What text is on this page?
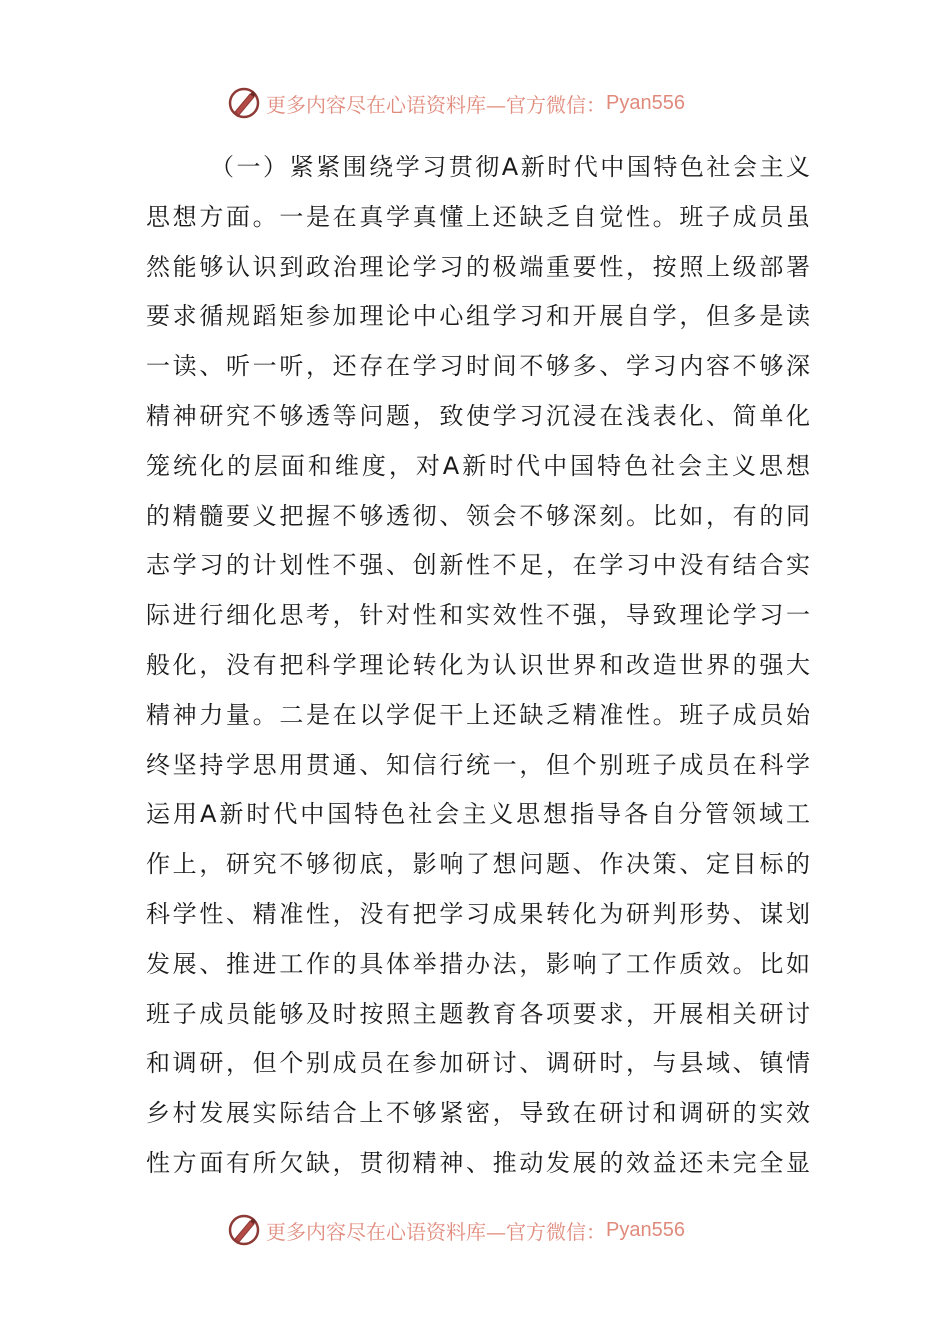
更多内容尽在心语资料库—官方微信： Pyan556
（一）紧紧围绕学习贯彻A新时代中国特色社会主义
思想方面。一是在真学真懂上还缺乏自觉性。班子成员虽
然能够认识到政治理论学习的极端重要性，按照上级部署
要求循规蹈矩参加理论中心组学习和开展自学，但多是读
一读、听一听，还存在学习时间不够多、学习内容不够深
精神研究不够透等问题，致使学习沉浸在浅表化、简单化
笼统化的层面和维度，对A新时代中国特色社会主义思想
的精髓要义把握不够透彻、领会不够深刻。比如，有的同
志学习的计划性不强、创新性不足，在学习中没有结合实
际进行细化思考，针对性和实效性不强，导致理论学习一
般化，没有把科学理论转化为认识世界和改造世界的强大
精神力量。二是在以学促干上还缺乏精准性。班子成员始
终坚持学思用贯通、知信行统一，但个别班子成员在科学
运用A新时代中国特色社会主义思想指导各自分管领域工
作上，研究不够彻底，影响了想问题、作决策、定目标的
科学性、精准性，没有把学习成果转化为研判形势、谋划
发展、推进工作的具体举措办法，影响了工作质效。比如
班子成员能够及时按照主题教育各项要求，开展相关研讨
和调研，但个别成员在参加研讨、调研时，与县域、镇情
乡村发展实际结合上不够紧密，导致在研讨和调研的实效
性方面有所欠缺，贯彻精神、推动发展的效益还未完全显
更多内容尽在心语资料库—官方微信： Pyan556
